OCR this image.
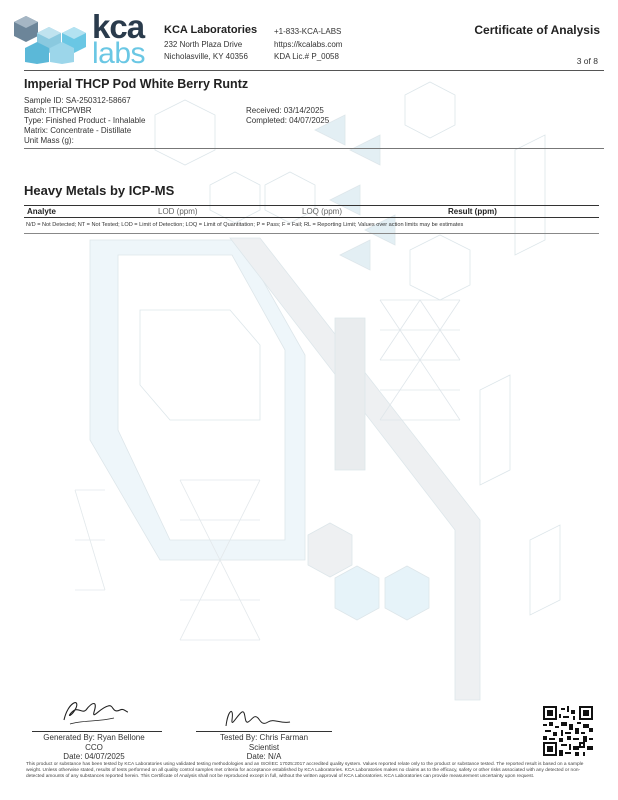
kca
labs
KCA Laboratories
232 North Plaza Drive
Nicholasville, KY 40356
+1-833-KCA-LABS
https://kcalabs.com
KDA Lic.# P_0058
Certificate of Analysis
3 of 8
Imperial THCP Pod White Berry Runtz
Sample ID: SA-250312-58667
Batch: ITHCPWBR
Type: Finished Product - Inhalable
Matrix: Concentrate - Distillate
Unit Mass (g):
Received: 03/14/2025
Completed: 04/07/2025
Heavy Metals by ICP-MS
Analyte	LOD (ppm)	LOQ (ppm)	Result (ppm)
N/D = Not Detected; NT = Not Tested; LOD = Limit of Detection; LOQ = Limit of Quantitation; P = Pass; F = Fail; RL = Reporting Limit; Values over action limits may be estimates
Generated By: Ryan Bellone
CCO
Date: 04/07/2025
Tested By: Chris Farman
Scientist
Date: N/A
This product or substance has been tested by KCA Laboratories using validated testing methodologies and an ISO/IEC 17025:2017 accredited quality system. Values reported relate only to the product or substance tested. The reported result is based on a sample weight. Unless otherwise stated, results of tests performed on all quality control samples met criteria for acceptance established by KCA Laboratories. KCA Laboratories makes no claims as to the efficacy, safety or other risks associated with any detected or non-detected amounts of any substances reported herein. This Certificate of Analysis shall not be reproduced except in full, without the written approval of KCA Laboratories. KCA Laboratories can provide measurement uncertainty upon request.
